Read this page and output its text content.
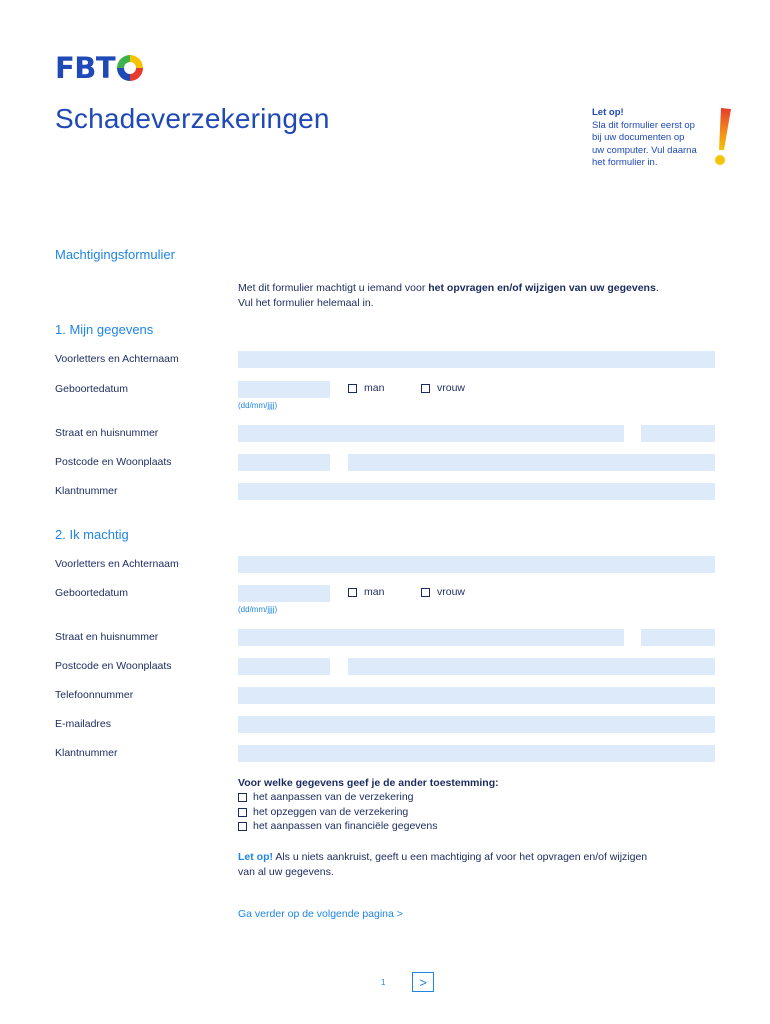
FBT
Schadeverzekeringen	Let op!
Sla dit formulier eerst op
bij uw documenten op
uw computer. Vul daarna
het formulier in.
Machtigingsformulier
Met dit formulier machtigt u iemand voor het opvragen en/of wijzigen van uw gegevens.
Vul het formulier helemaal in.
1. Mijn gegevens
Voorletters en Achternaam
Geboortedatum	man	vrouw
(dd/mm/jjjj)
Straat en huisnummer
Postcode en Woonplaats
Klantnummer
2. Ik machtig
Voorletters en Achternaam
Geboortedatum	man	vrouw
(dd/mm/jjjj)
Straat en huisnummer
Postcode en Woonplaats
Telefoonnummer
E-mailadres
Klantnummer
Voor welke gegevens geef je de ander toestemming:
het aanpassen van de verzekering
het opzeggen van de verzekering
het aanpassen van financiële gegevens
Let op! Als u niets aankruist, geeft u een machtiging af voor het opvragen en/of wijzigen
van al uw gegevens.
Ga verder op de volgende pagina >
1	>
